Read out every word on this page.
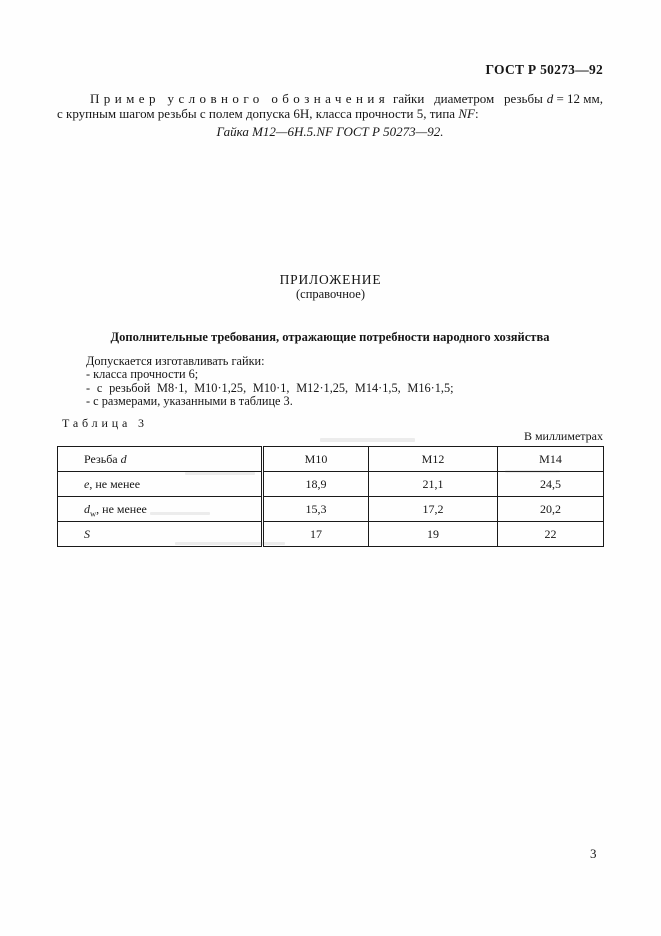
ГОСТ Р 50273—92
Пример условного обозначения гайки диаметром резьбы d = 12 мм,
с крупным шагом резьбы с полем допуска 6Н, класса прочности 5, типа NF:
Гайка М12—6Н.5.NF ГОСТ Р 50273—92.
ПРИЛОЖЕНИЕ
(справочное)
Дополнительные требования, отражающие потребности народного хозяйства
Допускается изготавливать гайки:
- класса прочности 6;
- с резьбой М8·1, М10·1,25, М10·1, М12·1,25, М14·1,5, М16·1,5;
- с размерами, указанными в таблице 3.
Таблица 3
В миллиметрах
Резьба d	М10	М12	М14
e, не менее	18,9	21,1	24,5
$d_w$, не менее	15,3	17,2	20,2
S	17	19	22
3
